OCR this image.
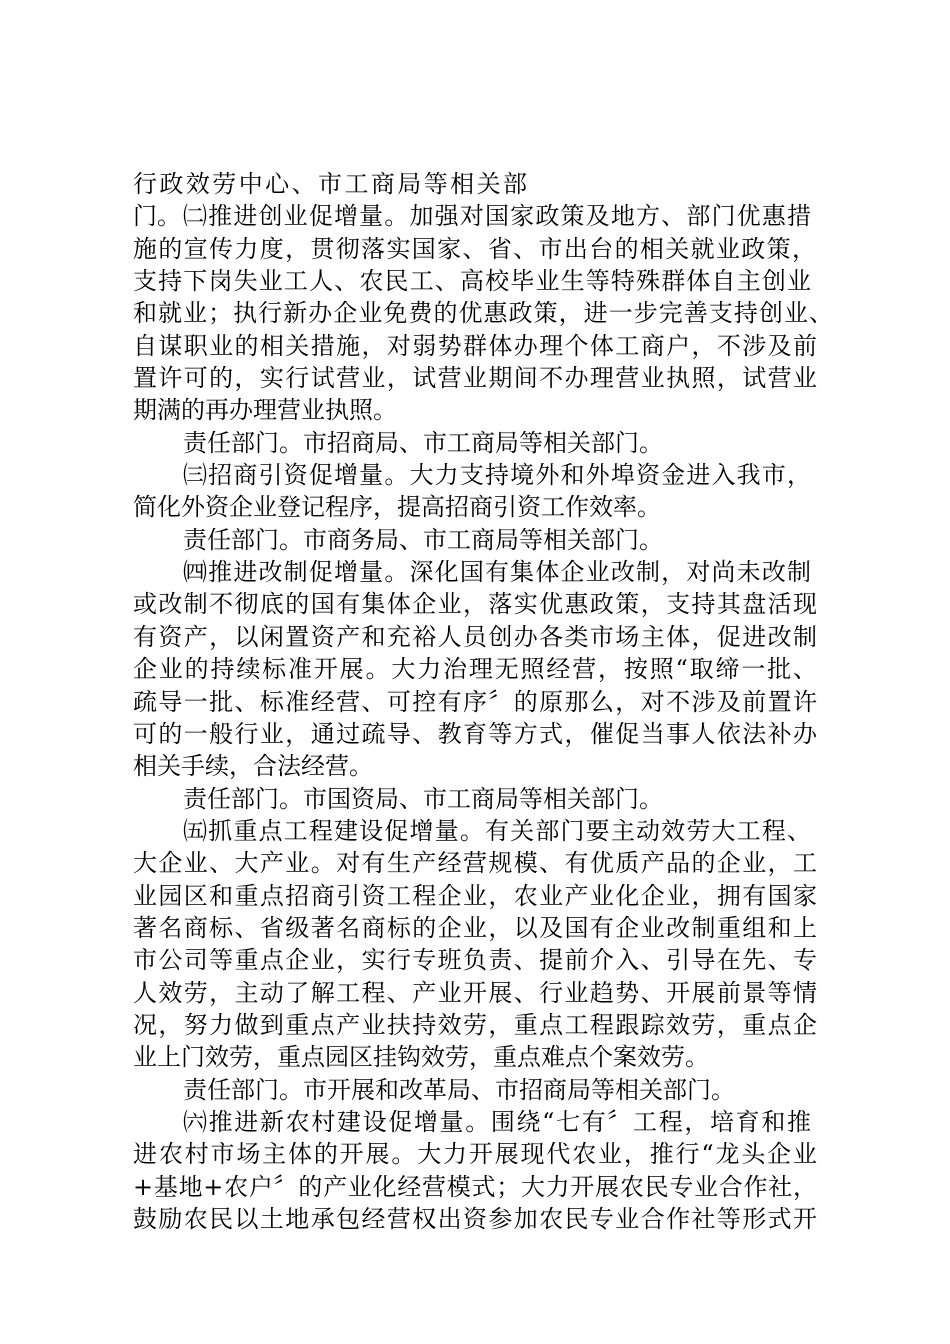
行政效劳中心、市工商局等相关部门。 ㈡推进创业促增量。加强对国家政策及地方、部门优惠措
施的宣传力度，贯彻落实国家、省、市出台的相关就业政策，
支持下岗失业工人、农民工、高校毕业生等特殊群体自主创业
和就业；执行新办企业免费的优惠政策，进一步完善支持创业、
自谋职业的相关措施，对弱势群体办理个体工商户，不涉及前
置许可的，实行试营业，试营业期间不办理营业执照，试营业
期满的再办理营业执照。
责任部门。市招商局、市工商局等相关部门。
㈢招商引资促增量。大力支持境外和外埠资金进入我市，
简化外资企业登记程序，提高招商引资工作效率。
责任部门。市商务局、市工商局等相关部门。
㈣推进改制促增量。深化国有集体企业改制，对尚未改制
或改制不彻底的国有集体企业，落实优惠政策，支持其盘活现
有资产，以闲置资产和充裕人员创办各类市场主体，促进改制
企业的持续标准开展。大力治理无照经营，按照“取缔一批、
疏导一批、标准经营、可控有序〞的原那么，对不涉及前置许
可的一般行业，通过疏导、教育等方式，催促当事人依法补办
相关手续，合法经营。
责任部门。市国资局、市工商局等相关部门。
㈤抓重点工程建设促增量。有关部门要主动效劳大工程、
大企业、大产业。对有生产经营规模、有优质产品的企业，工
业园区和重点招商引资工程企业，农业产业化企业，拥有国家
著名商标、省级著名商标的企业，以及国有企业改制重组和上
市公司等重点企业，实行专班负责、提前介入、引导在先、专
人效劳，主动了解工程、产业开展、行业趋势、开展前景等情
况，努力做到重点产业扶持效劳，重点工程跟踪效劳，重点企
业上门效劳，重点园区挂钩效劳，重点难点个案效劳。
责任部门。市开展和改革局、市招商局等相关部门。
㈥推进新农村建设促增量。围绕“七有〞工程，培育和推
进农村市场主体的开展。大力开展现代农业，推行“龙头企业
+基地+农户〞的产业化经营模式；大力开展农民专业合作社，
鼓励农民以土地承包经营权出资参加农民专业合作社等形式开
